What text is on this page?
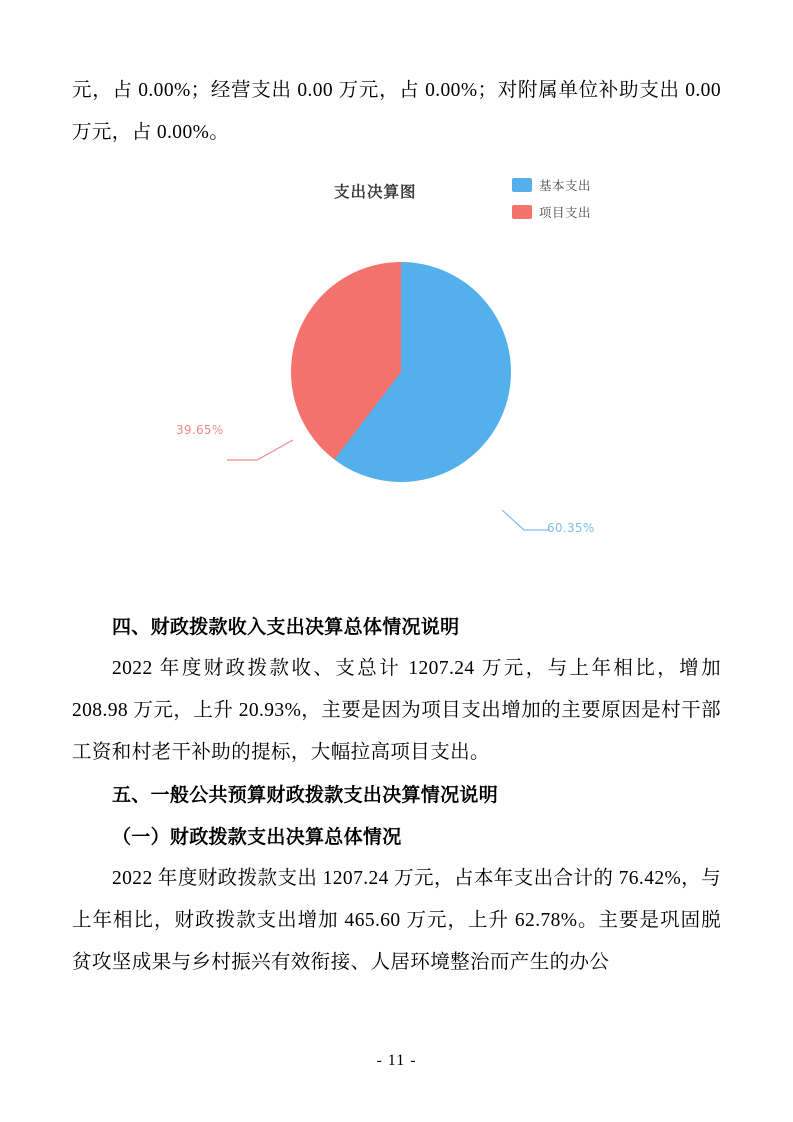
元，占 0.00%；经营支出 0.00 万元，占 0.00%；对附属单位补助支出 0.00 万元，占 0.00%。

支出决算图	基本支出
项目支出
39.65%
60.35%
四、财政拨款收入支出决算总体情况说明

2022 年度财政拨款收、支总计 1207.24 万元，与上年相比，增加 208.98 万元，上升 20.93%，主要是因为项目支出增加的主要原因是村干部工资和村老干补助的提标，大幅拉高项目支出。

五、一般公共预算财政拨款支出决算情况说明
（一）财政拨款支出决算总体情况

2022 年度财政拨款支出 1207.24 万元，占本年支出合计的 76.42%，与上年相比，财政拨款支出增加 465.60 万元，上升 62.78%。主要是巩固脱贫攻坚成果与乡村振兴有效衔接、人居环境整治而产生的办公

- 11 -
